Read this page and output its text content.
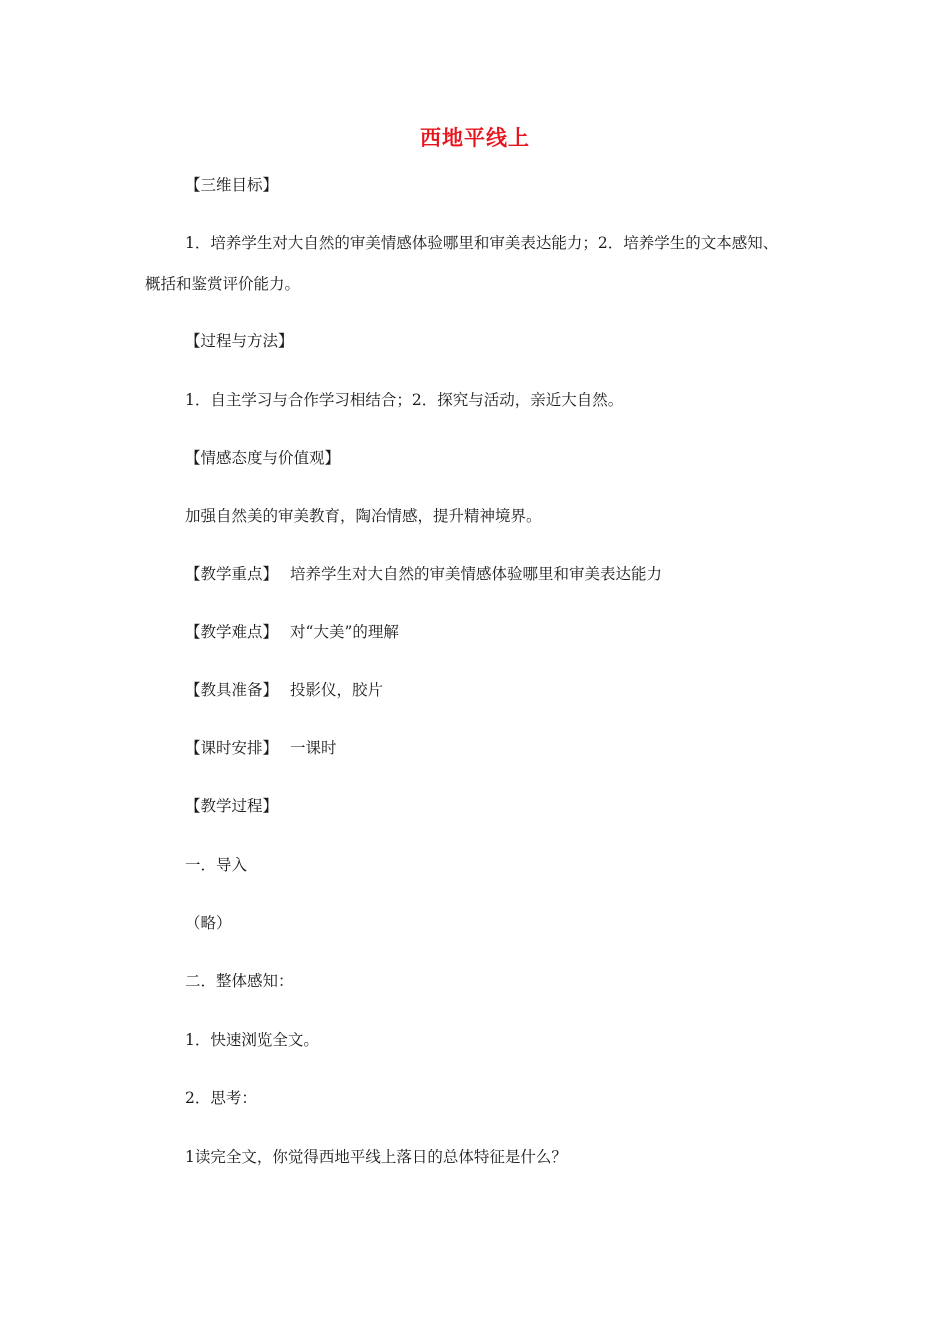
西地平线上
【三维目标】
1．培养学生对大自然的审美情感体验哪里和审美表达能力；2．培养学生的文本感知、
概括和鉴赏评价能力。
【过程与方法】
1．自主学习与合作学习相结合；2．探究与活动，亲近大自然。
【情感态度与价值观】
加强自然美的审美教育，陶冶情感，提升精神境界。
【教学重点】 培养学生对大自然的审美情感体验哪里和审美表达能力
【教学难点】 对“大美”的理解
【教具准备】 投影仪，胶片
【课时安排】 一课时
【教学过程】
一．导入
（略）
二．整体感知：
1．快速浏览全文。
2．思考：
1读完全文，你觉得西地平线上落日的总体特征是什么？
